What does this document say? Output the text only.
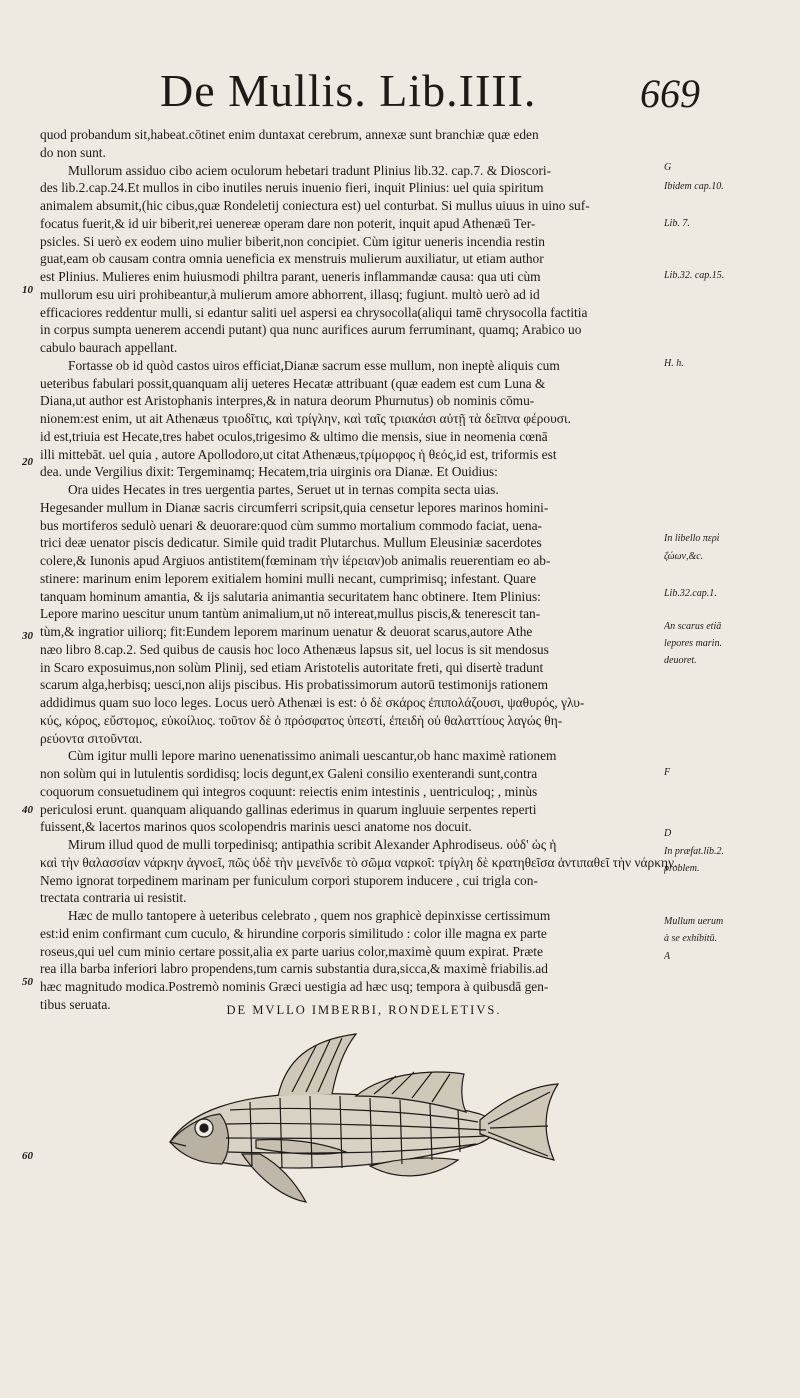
De Mullis. Lib.IIII.	669
10
20
30
40
50
60
G
Ibidem cap.10.
Lib. 7.
Lib.32. cap.15.
H. h.
In libello περὶ
ζώων,&c.
Lib.32.cap.1.
An scarus etiā
lepores marin.
deuoret.
F
D
In præfat.lib.2.
problem.
Mullum uerum
à se exhibitū.
A
quod probandum sit,habeat.cōtinet enim duntaxat cerebrum, annexæ sunt branchiæ quæ eden
do non sunt.
Mullorum assiduo cibo aciem oculorum hebetari tradunt Plinius lib.32. cap.7. & Dioscori-
des lib.2.cap.24.Et mullos in cibo inutiles neruis inuenio fieri, inquit Plinius: uel quia spiritum
animalem absumit,(hic cibus,quæ Rondeletij coniectura est) uel conturbat. Si mullus uiuus in uino suf-
focatus fuerit,& id uir biberit,rei uenereæ operam dare non poterit, inquit apud Athenæū Ter-
psicles. Si uerò ex eodem uino mulier biberit,non concipiet. Cùm igitur ueneris incendia restin
guat,eam ob causam contra omnia ueneficia ex menstruis mulierum auxiliatur, ut etiam author
est Plinius. Mulieres enim huiusmodi philtra parant, ueneris inflammandæ causa: qua uti cùm
mullorum esu uiri prohibeantur,à mulierum amore abhorrent, illasq; fugiunt. multò uerò ad id
efficaciores reddentur mulli, si edantur saliti uel aspersi ea chrysocolla(aliqui tamē chrysocolla factitia
in corpus sumpta uenerem accendi putant) qua nunc aurifices aurum ferruminant, quamq; Arabico uo
cabulo baurach appellant.
Fortasse ob id quòd castos uiros efficiat,Dianæ sacrum esse mullum, non ineptè aliquis cum
ueteribus fabulari possit,quanquam alij ueteres Hecatæ attribuant (quæ eadem est cum Luna &
Diana,ut author est Aristophanis interpres,& in natura deorum Phurnutus) ob nominis cōmu-
nionem:est enim, ut ait Athenæus τριοδῖτις, καὶ τρίγλην, καὶ ταῖς τριακάσι αὐτῇ τὰ δεῖπνα φέρουσι.
id est,triuia est Hecate,tres habet oculos,trigesimo & ultimo die mensis, siue in neomenia cœnā
illi mittebāt. uel quia , autore Apollodoro,ut citat Athenæus,τρίμορφος ἡ θεός,id est, triformis est
dea. unde Vergilius dixit: Tergeminamq; Hecatem,tria uirginis ora Dianæ. Et Ouidius:
Ora uides Hecates in tres uergentia partes, Seruet ut in ternas compita secta uias.
Hegesander mullum in Dianæ sacris circumferri scripsit,quia censetur lepores marinos homini-
bus mortiferos sedulò uenari & deuorare:quod cùm summo mortalium commodo faciat, uena-
trici deæ uenator piscis dedicatur. Simile quid tradit Plutarchus. Mullum Eleusiniæ sacerdotes
colere,& Iunonis apud Argiuos antistitem(fœminam τὴν ἱέρειαν)ob animalis reuerentiam eo ab-
stinere: marinum enim leporem exitialem homini mulli necant, cumprimisq; infestant. Quare
tanquam hominum amantia, & ijs salutaria animantia securitatem hanc obtinere. Item Plinius:
Lepore marino uescitur unum tantùm animalium,ut nō intereat,mullus piscis,& tenerescit tan-
tùm,& ingratior uiliorq; fit:Eundem leporem marinum uenatur & deuorat scarus,autore Athe
næo libro 8.cap.2. Sed quibus de causis hoc loco Athenæus lapsus sit, uel locus is sit mendosus
in Scaro exposuimus,non solùm Plinij, sed etiam Aristotelis autoritate freti, qui disertè tradunt
scarum alga,herbisq; uesci,non alijs piscibus. His probatissimorum autorū testimonijs rationem
addidimus quam suo loco leges. Locus uerò Athenæi is est: ὁ δὲ σκάρος ἐπιπολάζουσι, ψαθυρός, γλυ-
κύς, κόρος, εὔστομος, εὐκοίλιος. τοῦτον δὲ ὁ πρόσφατος ὑπεστί, ἐπειδὴ οὐ θαλαττίους λαγώς θη-
ρεύοντα σιτοῦνται.
Cùm igitur mulli lepore marino uenenatissimo animali uescantur,ob hanc maximè rationem
non solùm qui in lutulentis sordidisq; locis degunt,ex Galeni consilio exenterandi sunt,contra
coquorum consuetudinem qui integros coquunt: reiectis enim intestinis , uentriculoq; , minùs
periculosi erunt. quanquam aliquando gallinas ederimus in quarum ingluuie serpentes reperti
fuissent,& lacertos marinos quos scolopendris marinis uesci anatome nos docuit.
Mirum illud quod de mulli torpedinisq; antipathia scribit Alexander Aphrodiseus. οὐδ' ὡς ἡ
καὶ τὴν θαλασσίαν νάρκην ἀγνοεῖ, πῶς ὑδὲ τὴν μενεῖνδε τὸ σῶμα ναρκοῖ: τρίγλη δὲ κρατηθεῖσα ἀντιπαθεῖ τὴν νάρκην.
Nemo ignorat torpedinem marinam per funiculum corpori stuporem inducere , cui trigla con-
trectata contraria ui resistit.
Hæc de mullo tantopere à ueteribus celebrato , quem nos graphicè depinxisse certissimum
est:id enim confirmant cum cuculo, & hirundine corporis similitudo : color ille magna ex parte
roseus,qui uel cum minio certare possit,alia ex parte uarius color,maximè quum expirat. Præte
rea illa barba inferiori labro propendens,tum carnis substantia dura,sicca,& maximè friabilis.ad
hæc magnitudo modica.Postremò nominis Græci uestigia ad hæc usq; tempora à quibusdā gen-
tibus seruata.	DE MVLLO IMBERBI, RONDELETIVS.
